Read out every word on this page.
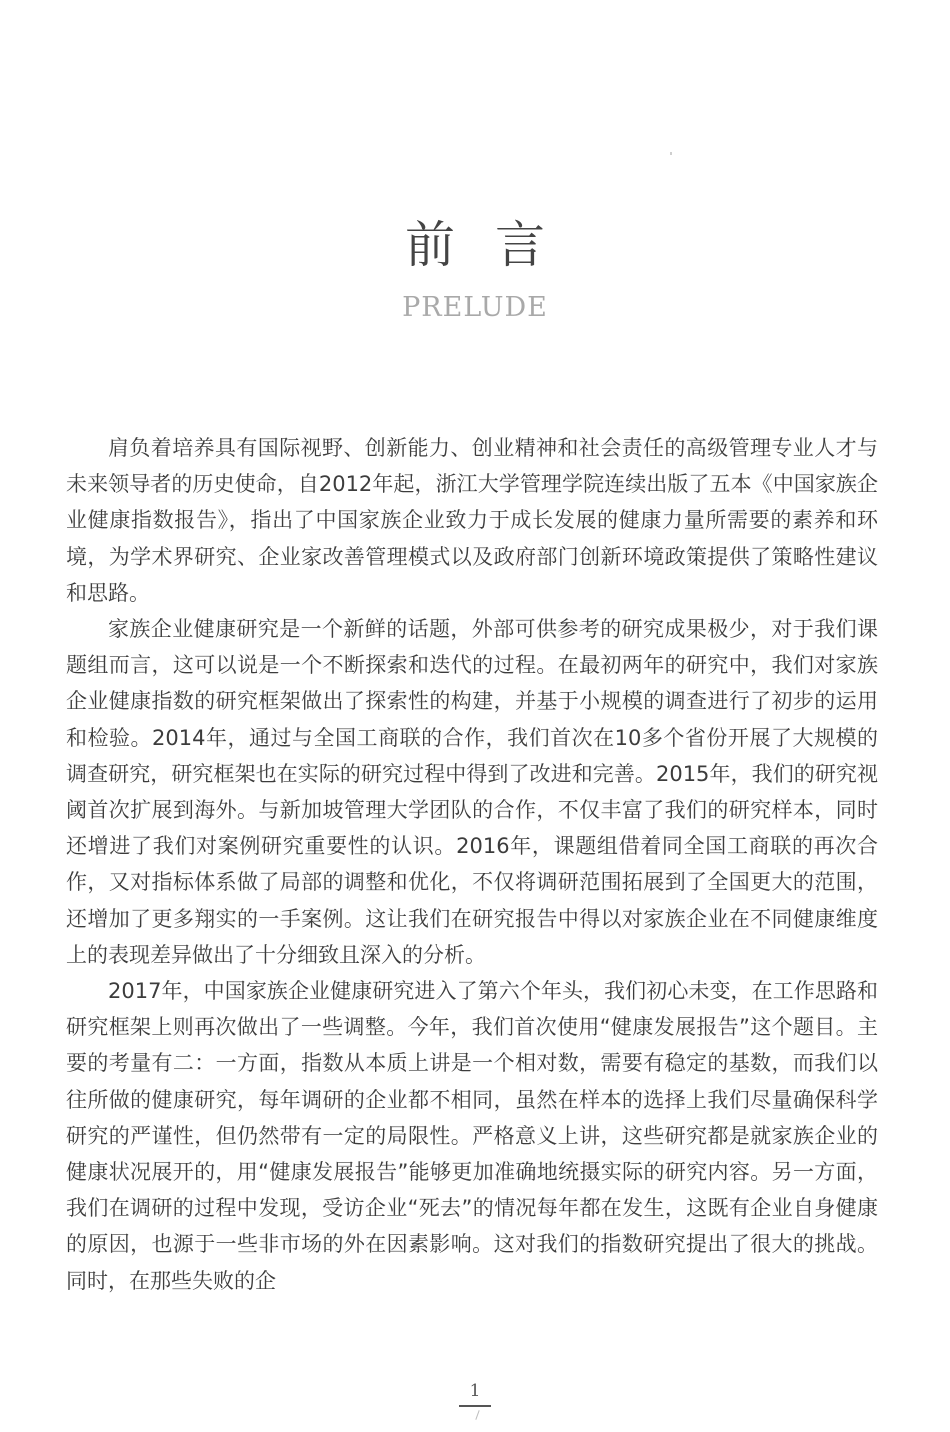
前言
PRELUDE

肩负着培养具有国际视野、创新能力、创业精神和社会责任的高级管理专业人才与未来领导者的历史使命，自2012年起，浙江大学管理学院连续出版了五本《中国家族企业健康指数报告》，指出了中国家族企业致力于成长发展的健康力量所需要的素养和环境，为学术界研究、企业家改善管理模式以及政府部门创新环境政策提供了策略性建议和思路。

家族企业健康研究是一个新鲜的话题，外部可供参考的研究成果极少，对于我们课题组而言，这可以说是一个不断探索和迭代的过程。在最初两年的研究中，我们对家族企业健康指数的研究框架做出了探索性的构建，并基于小规模的调查进行了初步的运用和检验。2014年，通过与全国工商联的合作，我们首次在10多个省份开展了大规模的调查研究，研究框架也在实际的研究过程中得到了改进和完善。2015年，我们的研究视阈首次扩展到海外。与新加坡管理大学团队的合作，不仅丰富了我们的研究样本，同时还增进了我们对案例研究重要性的认识。2016年，课题组借着同全国工商联的再次合作，又对指标体系做了局部的调整和优化，不仅将调研范围拓展到了全国更大的范围，还增加了更多翔实的一手案例。这让我们在研究报告中得以对家族企业在不同健康维度上的表现差异做出了十分细致且深入的分析。

2017年，中国家族企业健康研究进入了第六个年头，我们初心未变，在工作思路和研究框架上则再次做出了一些调整。今年，我们首次使用“健康发展报告”这个题目。主要的考量有二：一方面，指数从本质上讲是一个相对数，需要有稳定的基数，而我们以往所做的健康研究，每年调研的企业都不相同，虽然在样本的选择上我们尽量确保科学研究的严谨性，但仍然带有一定的局限性。严格意义上讲，这些研究都是就家族企业的健康状况展开的，用“健康发展报告”能够更加准确地统摄实际的研究内容。另一方面，我们在调研的过程中发现，受访企业“死去”的情况每年都在发生，这既有企业自身健康的原因，也源于一些非市场的外在因素影响。这对我们的指数研究提出了很大的挑战。同时，在那些失败的企

1
